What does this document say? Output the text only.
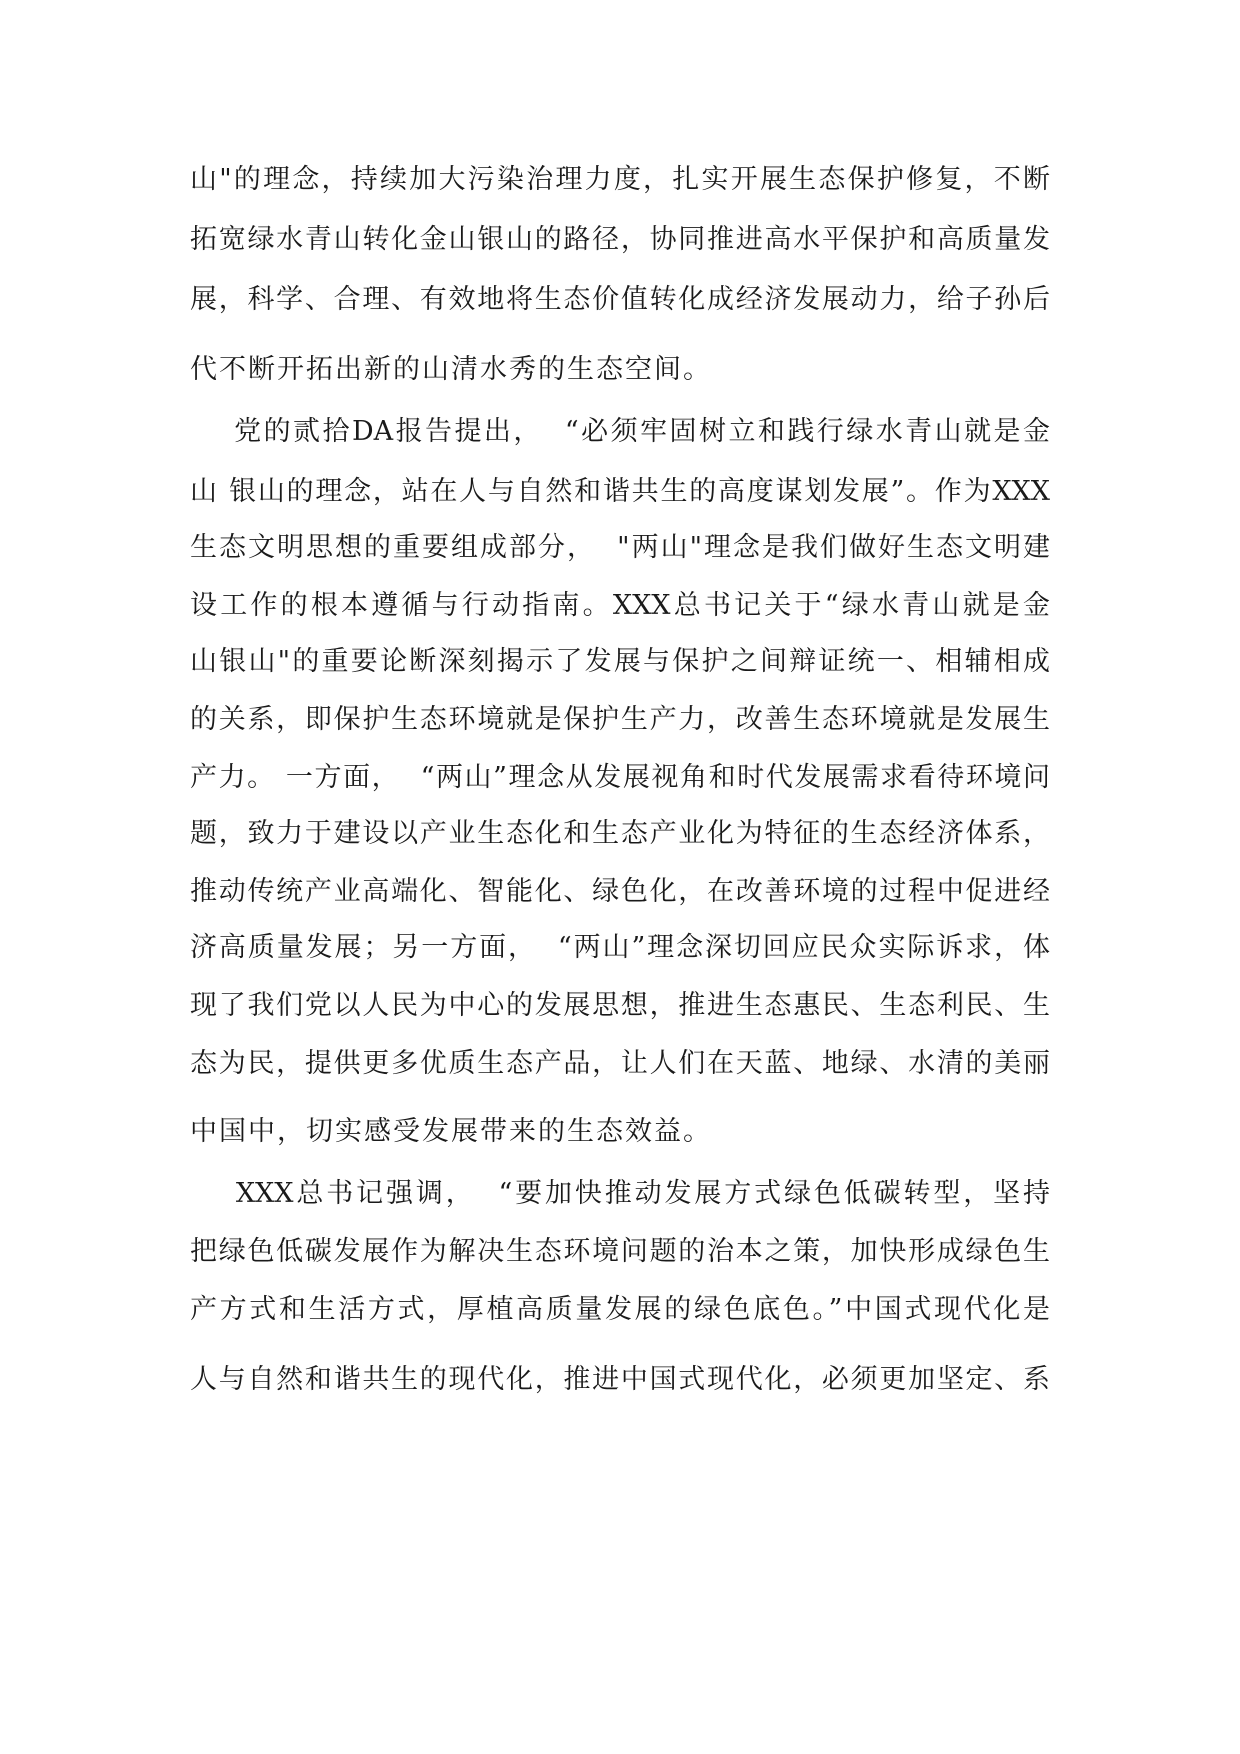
山"的理念，持续加大污染治理力度，扎实开展生态保护修复，不断
拓宽绿水青山转化金山银山的路径，协同推进高水平保护和高质量发
展，科学、合理、有效地将生态价值转化成经济发展动力，给子孙后
代不断开拓出新的山清水秀的生态空间。
党的贰拾DA报告提出，  “必须牢固树立和践行绿水青山就是金
山 银山的理念，站在人与自然和谐共生的高度谋划发展”。作为XXX
生态文明思想的重要组成部分，  "两山"理念是我们做好生态文明建
设工作的根本遵循与行动指南。XXX总书记关于“绿水青山就是金
山银山"的重要论断深刻揭示了发展与保护之间辩证统一、相辅相成
的关系，即保护生态环境就是保护生产力，改善生态环境就是发展生
产力。 一方面，  “两山”理念从发展视角和时代发展需求看待环境问
题，致力于建设以产业生态化和生态产业化为特征的生态经济体系，
推动传统产业高端化、智能化、绿色化，在改善环境的过程中促进经
济高质量发展；另一方面，  “两山”理念深切回应民众实际诉求，体
现了我们党以人民为中心的发展思想，推进生态惠民、生态利民、生
态为民，提供更多优质生态产品，让人们在天蓝、地绿、水清的美丽
中国中，切实感受发展带来的生态效益。
XXX总书记强调，  “要加快推动发展方式绿色低碳转型，坚持
把绿色低碳发展作为解决生态环境问题的治本之策，加快形成绿色生
产方式和生活方式，厚植高质量发展的绿色底色。”中国式现代化是
人与自然和谐共生的现代化，推进中国式现代化，必须更加坚定、系
